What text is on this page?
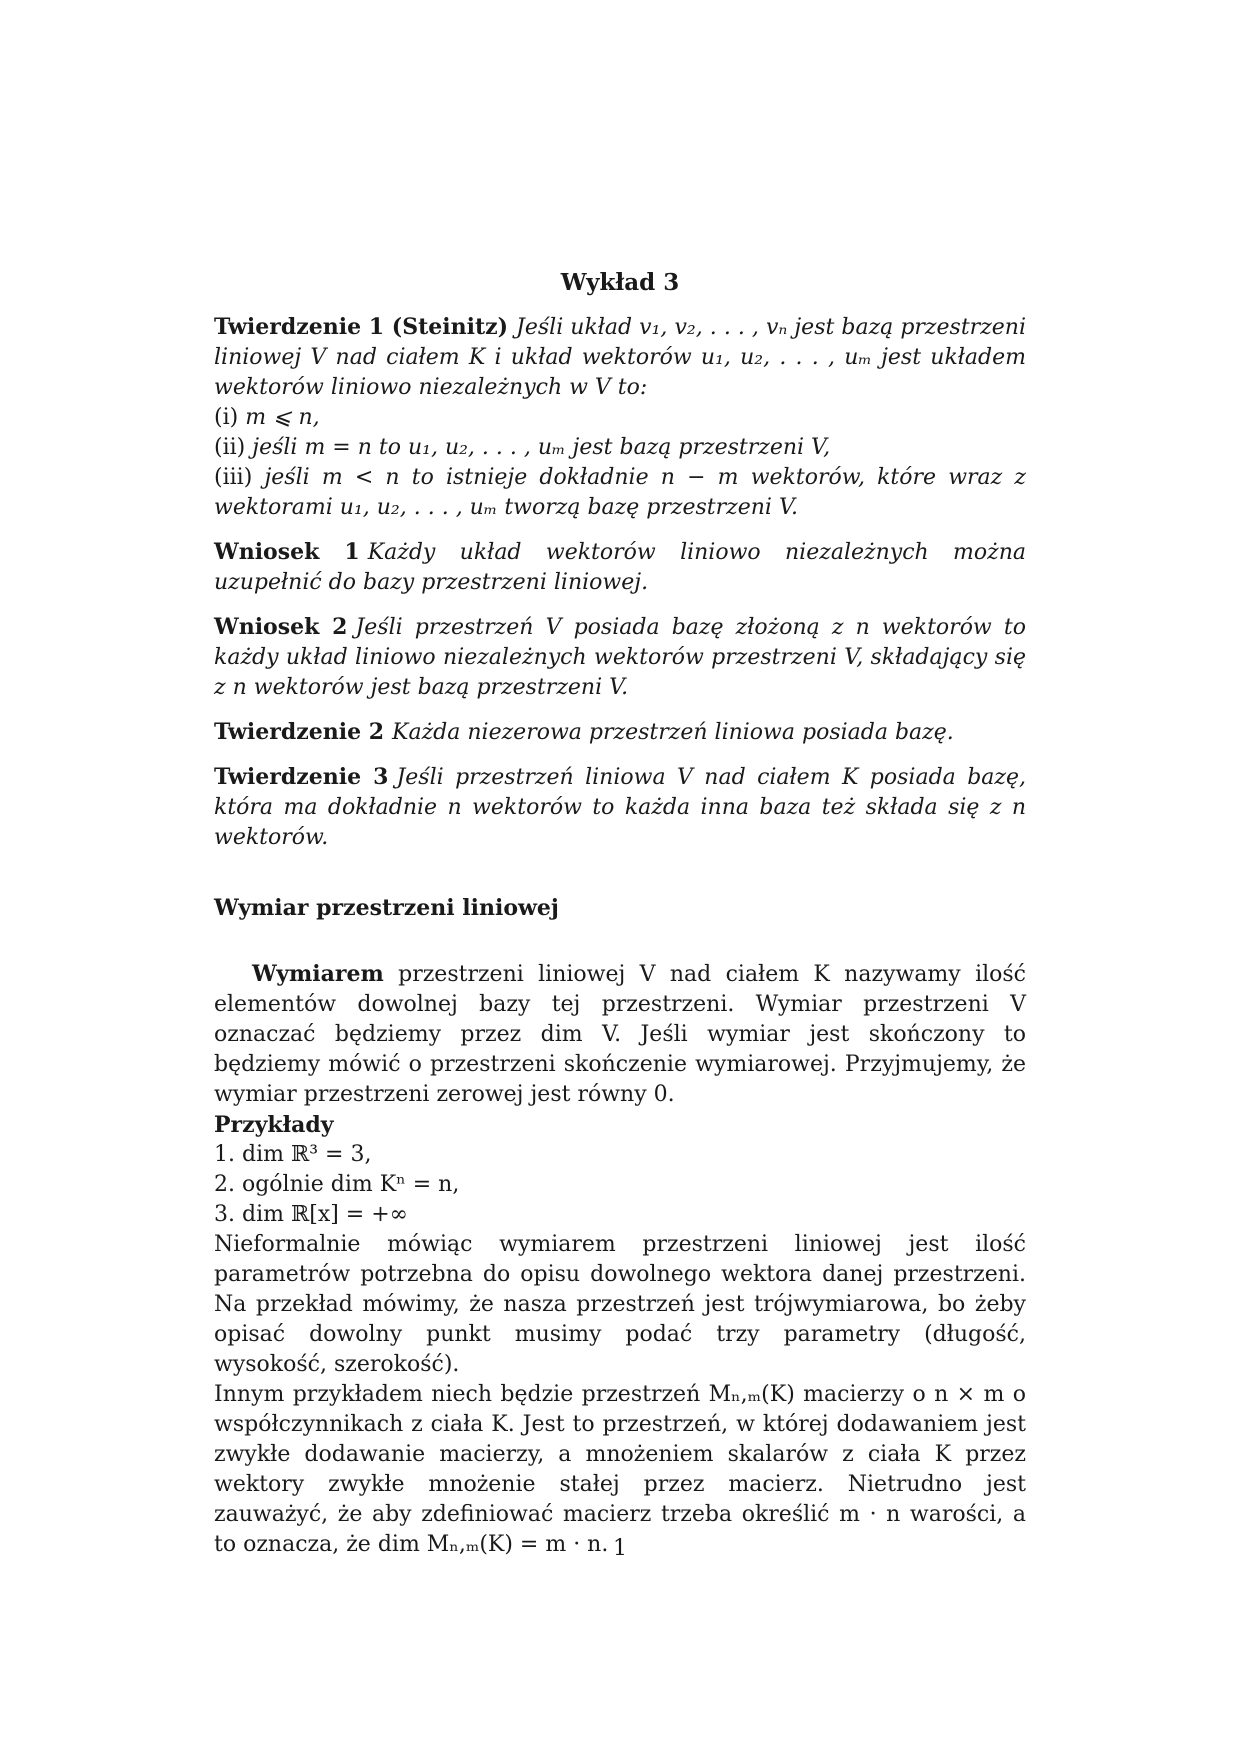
Wykład 3
Twierdzenie 1 (Steinitz) Jeśli układ v₁, v₂, . . . , vₙ jest bazą przestrzeni liniowej V nad ciałem K i układ wektorów u₁, u₂, . . . , uₘ jest układem wektorów liniowo niezależnych w V to:
(i) m ⩽ n,
(ii) jeśli m = n to u₁, u₂, . . . , uₘ jest bazą przestrzeni V,
(iii) jeśli m < n to istnieje dokładnie n − m wektorów, które wraz z wektorami u₁, u₂, . . . , uₘ tworzą bazę przestrzeni V.
Wniosek 1 Każdy układ wektorów liniowo niezależnych można uzupełnić do bazy przestrzeni liniowej.
Wniosek 2 Jeśli przestrzeń V posiada bazę złożoną z n wektorów to każdy układ liniowo niezależnych wektorów przestrzeni V, składający się z n wektorów jest bazą przestrzeni V.
Twierdzenie 2 Każda niezerowa przestrzeń liniowa posiada bazę.
Twierdzenie 3 Jeśli przestrzeń liniowa V nad ciałem K posiada bazę, która ma dokładnie n wektorów to każda inna baza też składa się z n wektorów.
Wymiar przestrzeni liniowej

Wymiarem przestrzeni liniowej V nad ciałem K nazywamy ilość elementów dowolnej bazy tej przestrzeni. Wymiar przestrzeni V oznaczać będziemy przez dim V. Jeśli wymiar jest skończony to będziemy mówić o przestrzeni skończenie wymiarowej. Przyjmujemy, że wymiar przestrzeni zerowej jest równy 0.

Przykłady

1. dim ℝ³ = 3,
2. ogólnie dim Kⁿ = n,
3. dim ℝ[x] = +∞

Nieformalnie mówiąc wymiarem przestrzeni liniowej jest ilość parametrów potrzebna do opisu dowolnego wektora danej przestrzeni. Na przekład mówimy, że nasza przestrzeń jest trójwymiarowa, bo żeby opisać dowolny punkt musimy podać trzy parametry (długość, wysokość, szerokość).

Innym przykładem niech będzie przestrzeń Mₙ,ₘ(K) macierzy o n × m o współczynnikach z ciała K. Jest to przestrzeń, w której dodawaniem jest zwykłe dodawanie macierzy, a mnożeniem skalarów z ciała K przez wektory zwykłe mnożenie stałej przez macierz. Nietrudno jest zauważyć, że aby zdefiniować macierz trzeba określić m · n warości, a to oznacza, że dim Mₙ,ₘ(K) = m · n. 1
